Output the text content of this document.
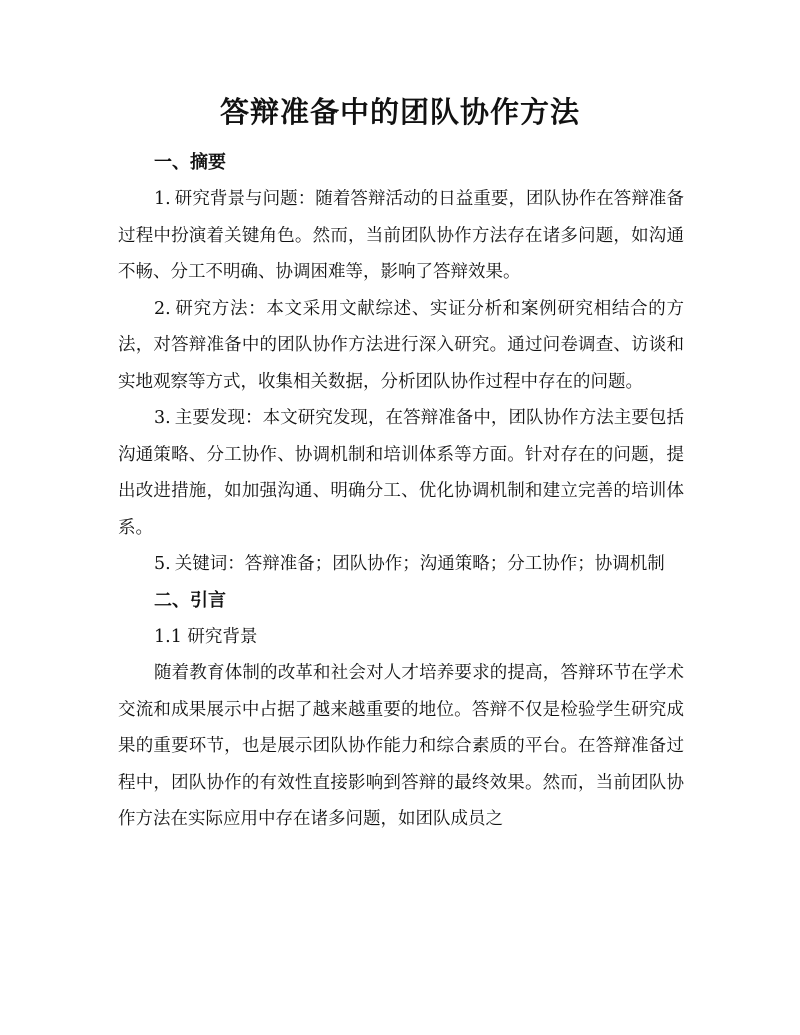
答辩准备中的团队协作方法
一、摘要

1. 研究背景与问题：随着答辩活动的日益重要，团队协作在答辩准备过程中扮演着关键角色。然而，当前团队协作方法存在诸多问题，如沟通不畅、分工不明确、协调困难等，影响了答辩效果。

2. 研究方法：本文采用文献综述、实证分析和案例研究相结合的方法，对答辩准备中的团队协作方法进行深入研究。通过问卷调查、访谈和实地观察等方式，收集相关数据，分析团队协作过程中存在的问题。

3. 主要发现：本文研究发现，在答辩准备中，团队协作方法主要包括沟通策略、分工协作、协调机制和培训体系等方面。针对存在的问题，提出改进措施，如加强沟通、明确分工、优化协调机制和建立完善的培训体系。

5. 关键词：答辩准备；团队协作；沟通策略；分工协作；协调机制

二、引言

1.1 研究背景

随着教育体制的改革和社会对人才培养要求的提高，答辩环节在学术交流和成果展示中占据了越来越重要的地位。答辩不仅是检验学生研究成果的重要环节，也是展示团队协作能力和综合素质的平台。在答辩准备过程中，团队协作的有效性直接影响到答辩的最终效果。然而，当前团队协作方法在实际应用中存在诸多问题，如团队成员之
